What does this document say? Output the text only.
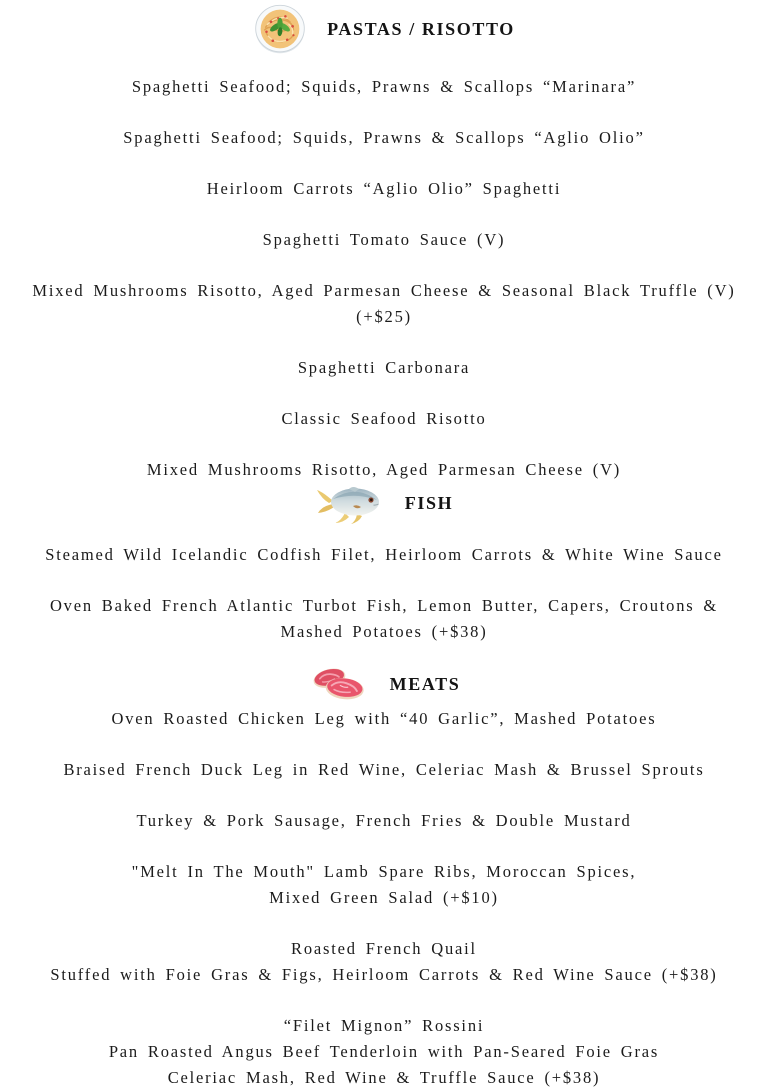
PASTAS / RISOTTO
Spaghetti Seafood; Squids, Prawns & Scallops “Marinara”
Spaghetti Seafood; Squids, Prawns & Scallops “Aglio Olio”
Heirloom Carrots “Aglio Olio” Spaghetti
Spaghetti Tomato Sauce (V)
Mixed Mushrooms Risotto, Aged Parmesan Cheese & Seasonal Black Truffle (V)
(+$25)
Spaghetti Carbonara
Classic Seafood Risotto
Mixed Mushrooms Risotto, Aged Parmesan Cheese (V)
FISH
Steamed Wild Icelandic Codfish Filet, Heirloom Carrots & White Wine Sauce
Oven Baked French Atlantic Turbot Fish, Lemon Butter, Capers, Croutons &
Mashed Potatoes (+$38)
MEATS
Oven Roasted Chicken Leg with “40 Garlic”, Mashed Potatoes
Braised French Duck Leg in Red Wine, Celeriac Mash & Brussel Sprouts
Turkey & Pork Sausage, French Fries & Double Mustard
"Melt In The Mouth" Lamb Spare Ribs, Moroccan Spices,
Mixed Green Salad (+$10)
Roasted French Quail
Stuffed with Foie Gras & Figs, Heirloom Carrots & Red Wine Sauce (+$38)
“Filet Mignon” Rossini
Pan Roasted Angus Beef Tenderloin with Pan-Seared Foie Gras
Celeriac Mash, Red Wine & Truffle Sauce (+$38)
